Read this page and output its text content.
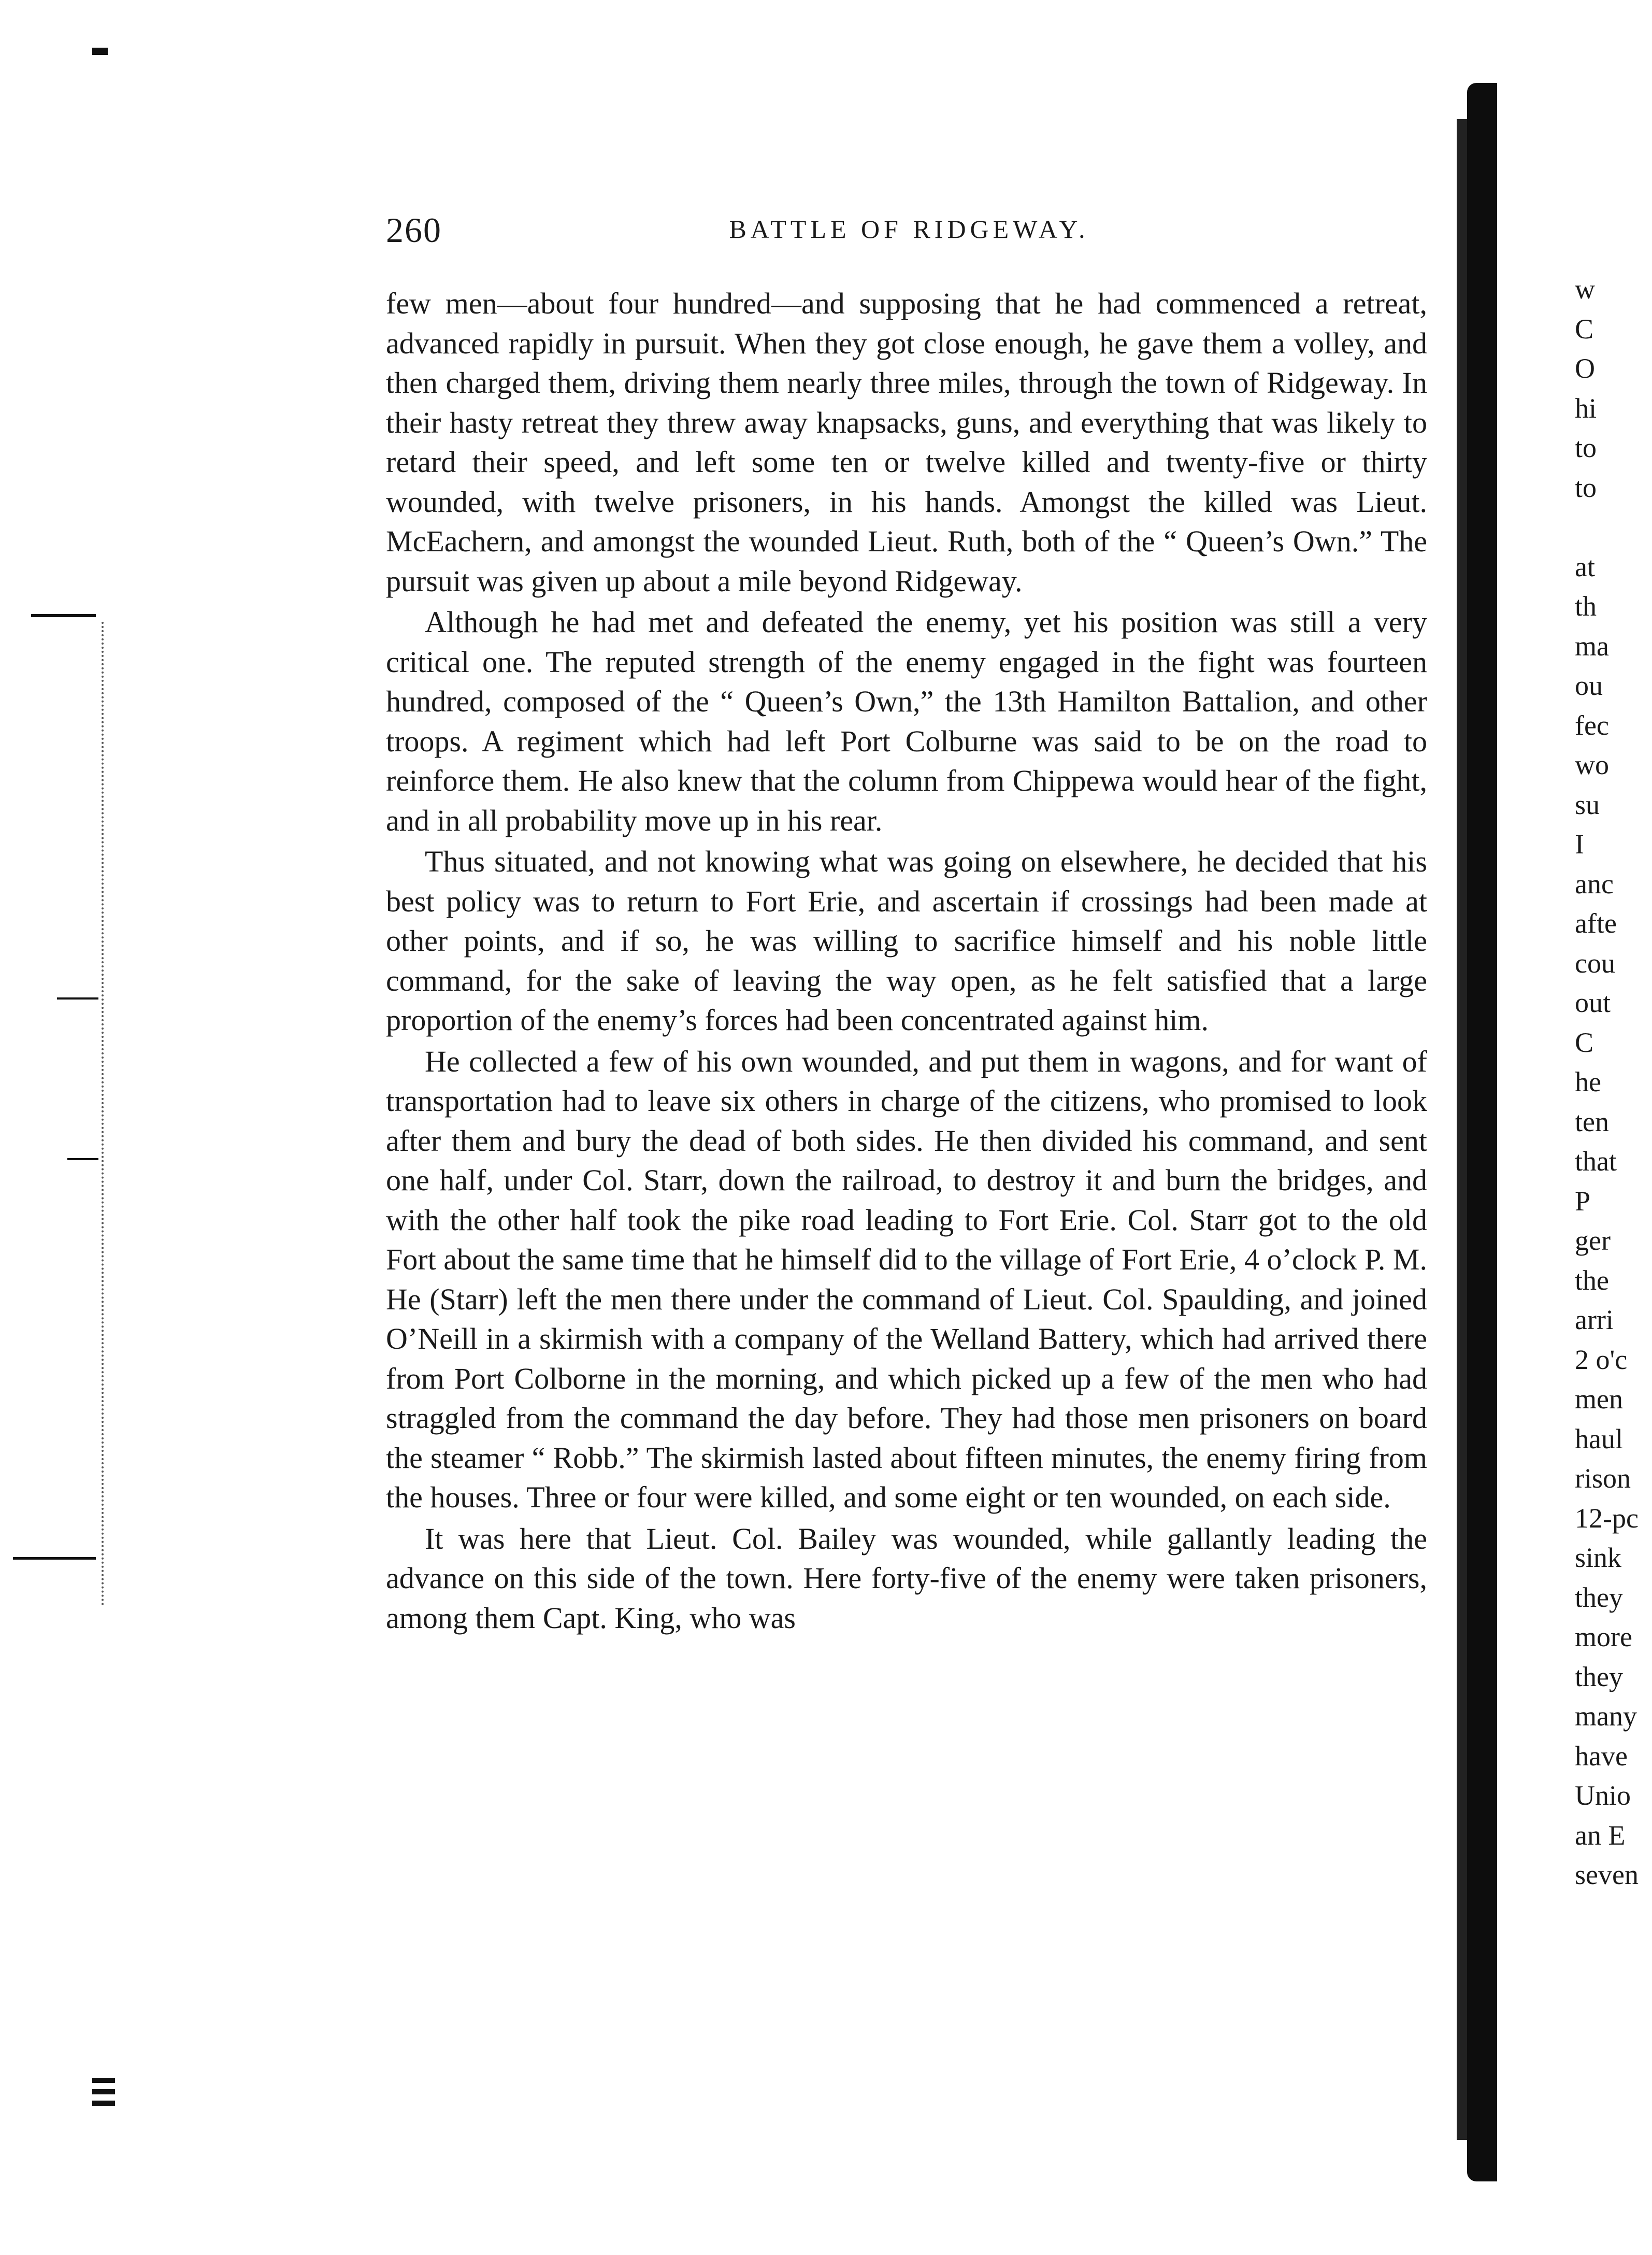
260	BATTLE OF RIDGEWAY.

few men—about four hundred—and supposing that he had commenced a retreat, advanced rapidly in pursuit. When they got close enough, he gave them a volley, and then charged them, driving them nearly three miles, through the town of Ridgeway. In their hasty retreat they threw away knapsacks, guns, and everything that was likely to retard their speed, and left some ten or twelve killed and twenty-five or thirty wounded, with twelve prisoners, in his hands. Amongst the killed was Lieut. McEachern, and amongst the wounded Lieut. Ruth, both of the “ Queen’s Own.” The pursuit was given up about a mile beyond Ridgeway.

Although he had met and defeated the enemy, yet his position was still a very critical one. The reputed strength of the enemy engaged in the fight was fourteen hundred, composed of the “ Queen’s Own,” the 13th Hamilton Battalion, and other troops. A regiment which had left Port Colburne was said to be on the road to reinforce them. He also knew that the column from Chippewa would hear of the fight, and in all probability move up in his rear.

Thus situated, and not knowing what was going on elsewhere, he decided that his best policy was to return to Fort Erie, and ascertain if crossings had been made at other points, and if so, he was willing to sacrifice himself and his noble little command, for the sake of leaving the way open, as he felt satisfied that a large proportion of the enemy’s forces had been concentrated against him.

He collected a few of his own wounded, and put them in wagons, and for want of transportation had to leave six others in charge of the citizens, who promised to look after them and bury the dead of both sides. He then divided his command, and sent one half, under Col. Starr, down the railroad, to destroy it and burn the bridges, and with the other half took the pike road leading to Fort Erie. Col. Starr got to the old Fort about the same time that he himself did to the village of Fort Erie, 4 o’clock P. M. He (Starr) left the men there under the command of Lieut. Col. Spaulding, and joined O’Neill in a skirmish with a company of the Welland Battery, which had arrived there from Port Colborne in the morning, and which picked up a few of the men who had straggled from the command the day before. They had those men prisoners on board the steamer “ Robb.” The skirmish lasted about fifteen minutes, the enemy firing from the houses. Three or four were killed, and some eight or ten wounded, on each side.

It was here that Lieut. Col. Bailey was wounded, while gallantly leading the advance on this side of the town. Here forty-five of the enemy were taken prisoners, among them Capt. King, who was

w
C
O
hi
to
to
at
th
ma
ou
fec
wo
su
I
anc
afte
cou
out
C
he
ten
that
P
ger
the
arri
2 o'c
men
haul
rison
12-pc
sink
they
more
they
many
have
Unio
an E
seven
